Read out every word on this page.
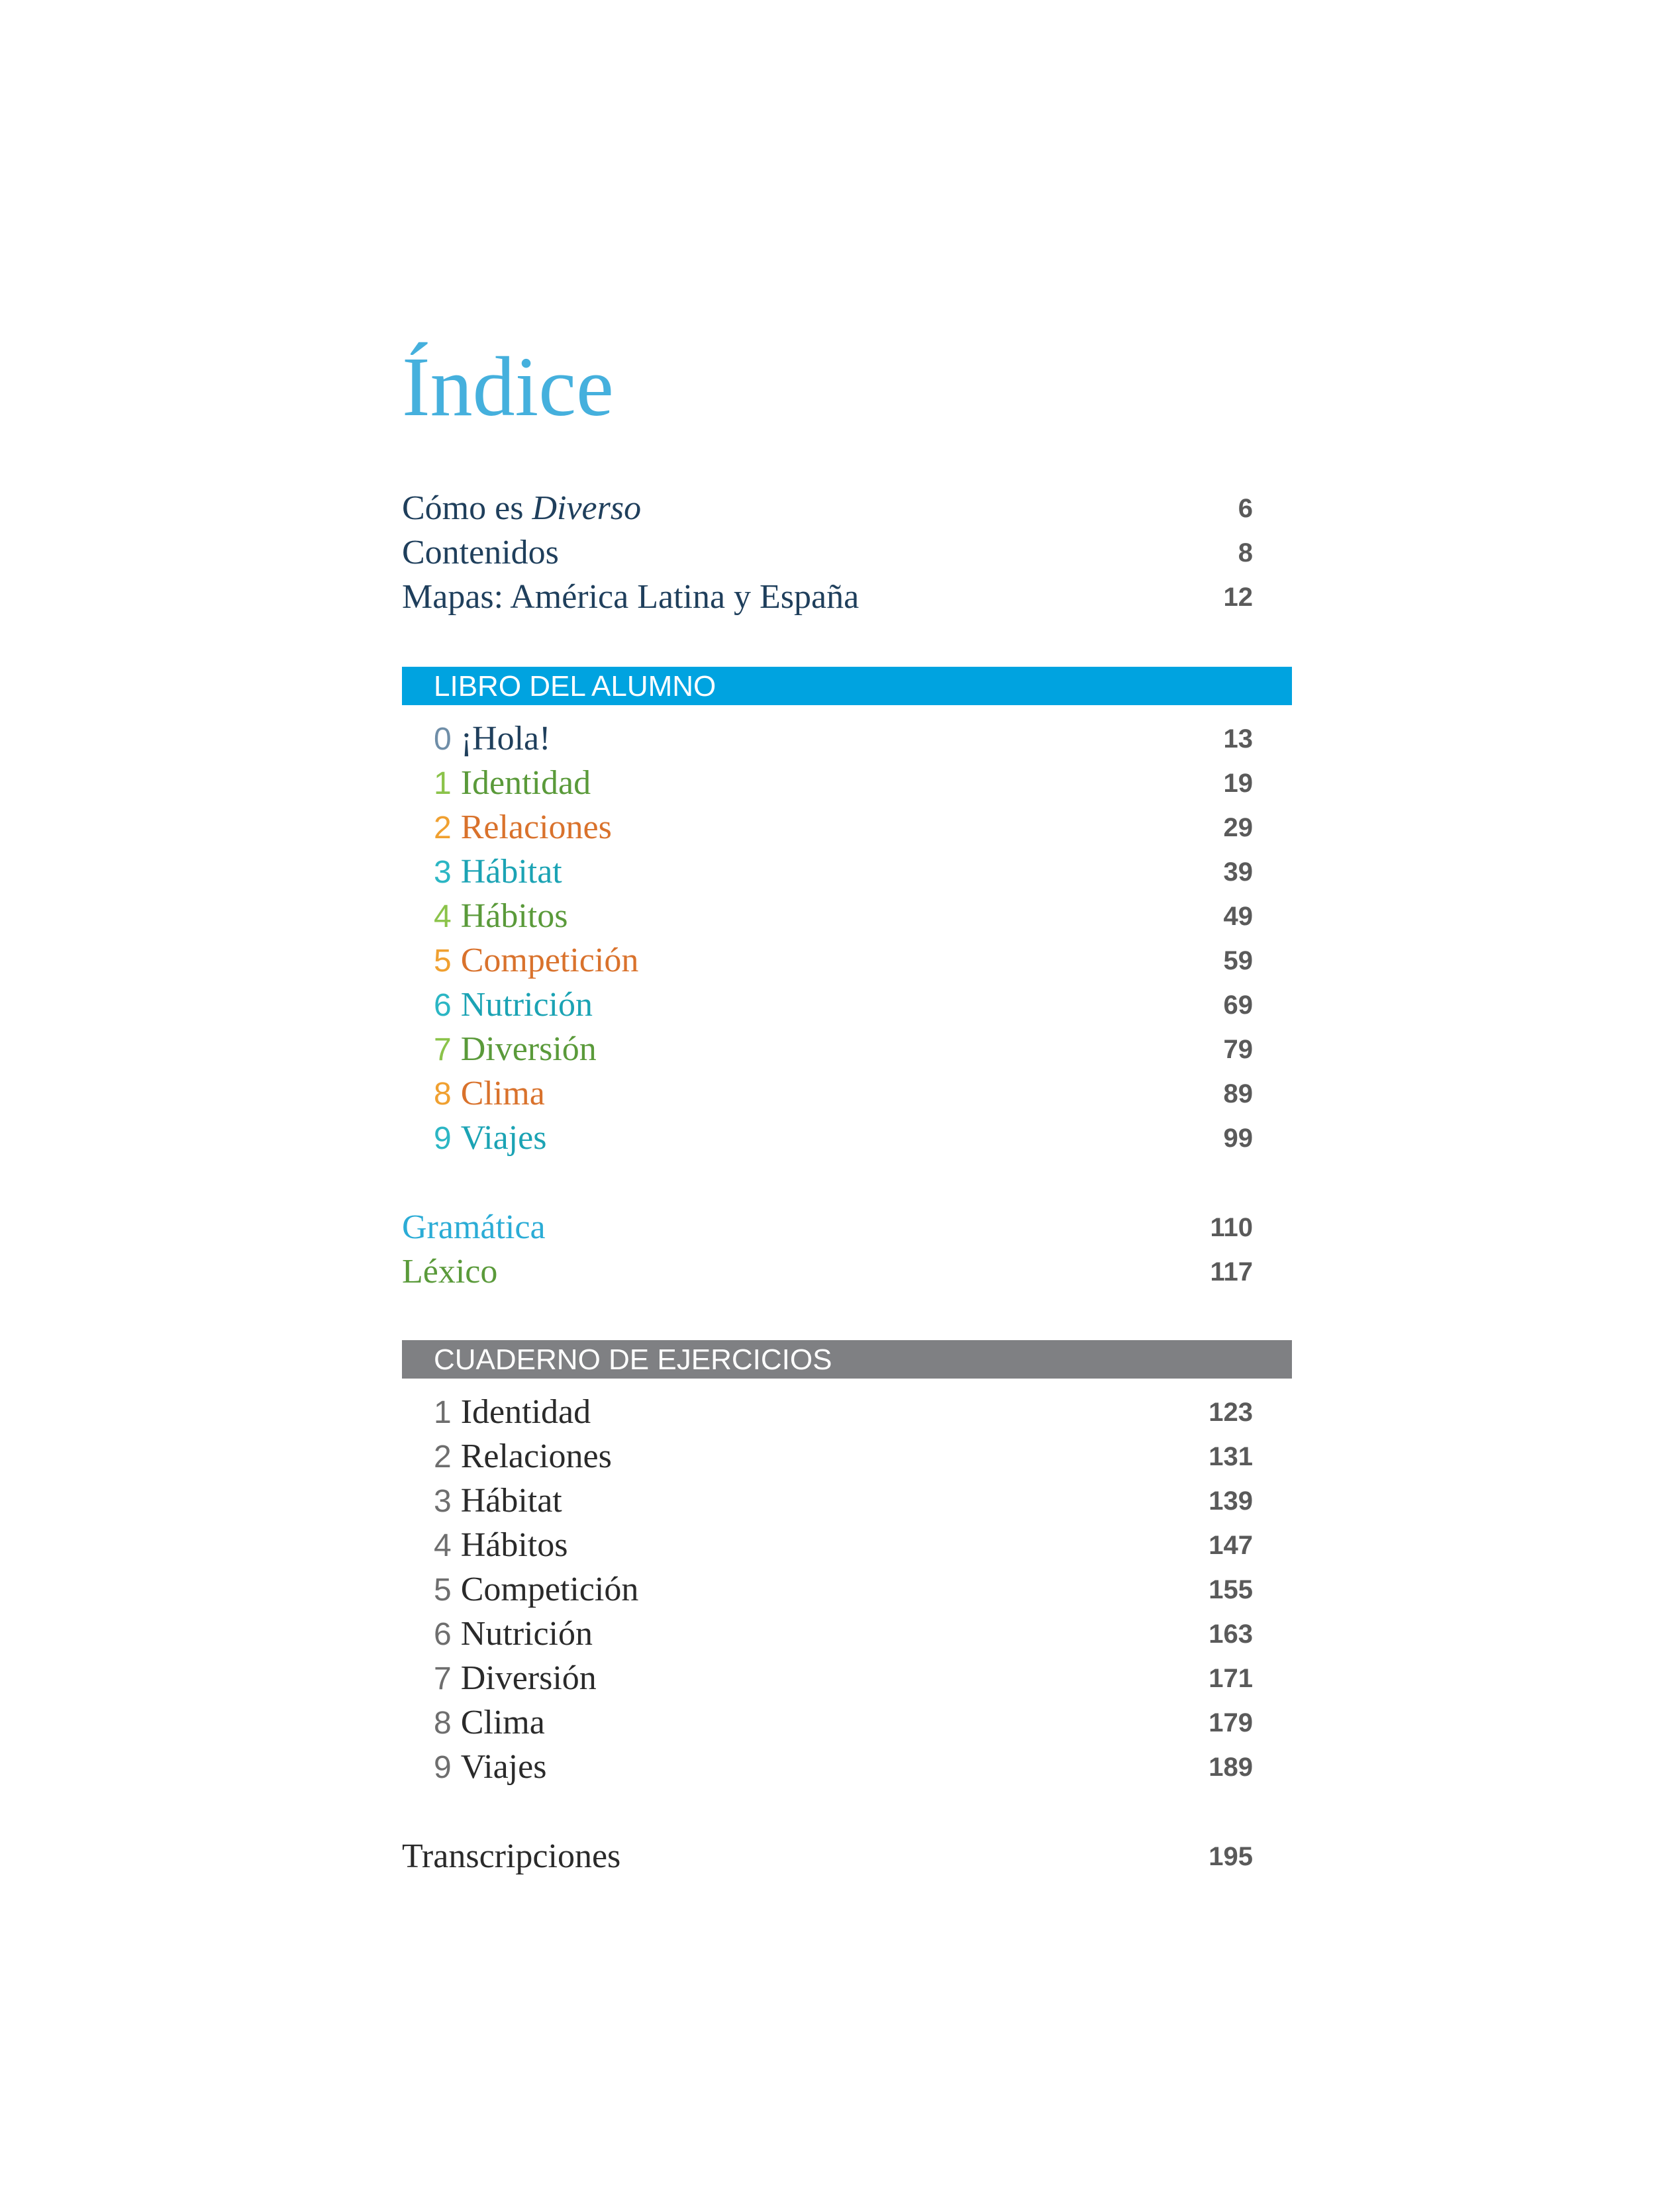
Índice
Cómo es Diverso	6
Contenidos	8
Mapas: América Latina y España	12
LIBRO DEL ALUMNO
0 ¡Hola!	13
1 Identidad	19
2 Relaciones	29
3 Hábitat	39
4 Hábitos	49
5 Competición	59
6 Nutrición	69
7 Diversión	79
8 Clima	89
9 Viajes	99
Gramática	110
Léxico	117
CUADERNO DE EJERCICIOS
1 Identidad	123
2 Relaciones	131
3 Hábitat	139
4 Hábitos	147
5 Competición	155
6 Nutrición	163
7 Diversión	171
8 Clima	179
9 Viajes	189
Transcripciones	195
